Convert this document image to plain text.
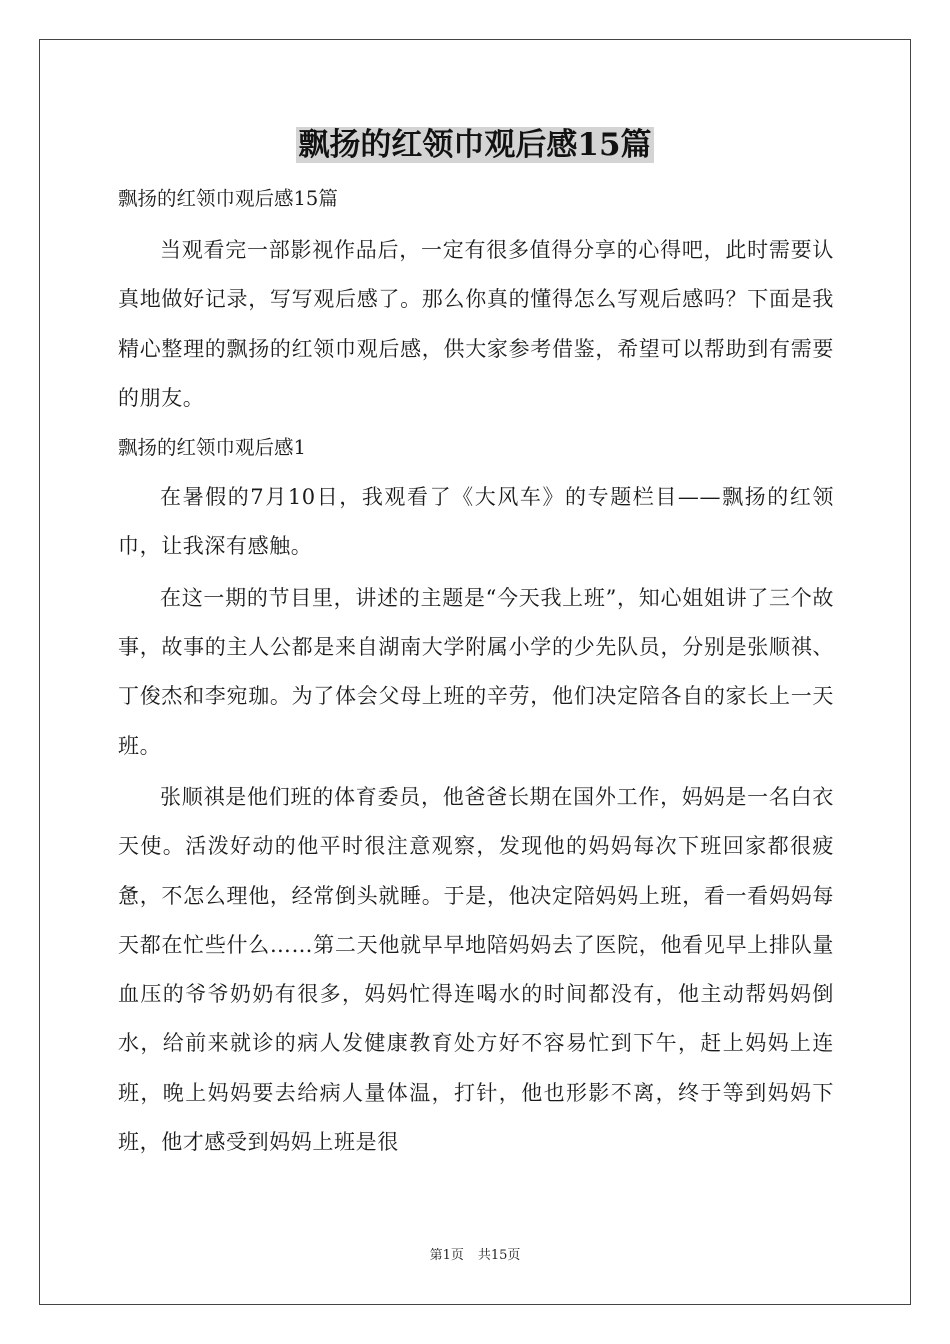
飘扬的红领巾观后感15篇

飘扬的红领巾观后感15篇

当观看完一部影视作品后，一定有很多值得分享的心得吧，此时需要认真地做好记录，写写观后感了。那么你真的懂得怎么写观后感吗？下面是我精心整理的飘扬的红领巾观后感，供大家参考借鉴，希望可以帮助到有需要的朋友。

飘扬的红领巾观后感1

在暑假的7月10日，我观看了《大风车》的专题栏目——飘扬的红领巾，让我深有感触。

在这一期的节目里，讲述的主题是“今天我上班”，知心姐姐讲了三个故事，故事的主人公都是来自湖南大学附属小学的少先队员，分别是张顺祺、丁俊杰和李宛珈。为了体会父母上班的辛劳，他们决定陪各自的家长上一天班。

张顺祺是他们班的体育委员，他爸爸长期在国外工作，妈妈是一名白衣天使。活泼好动的他平时很注意观察，发现他的妈妈每次下班回家都很疲惫，不怎么理他，经常倒头就睡。于是，他决定陪妈妈上班，看一看妈妈每天都在忙些什么……第二天他就早早地陪妈妈去了医院，他看见早上排队量血压的爷爷奶奶有很多，妈妈忙得连喝水的时间都没有，他主动帮妈妈倒水，给前来就诊的病人发健康教育处方好不容易忙到下午，赶上妈妈上连班，晚上妈妈要去给病人量体温，打针，他也形影不离，终于等到妈妈下班，他才感受到妈妈上班是很

第1页 共15页
